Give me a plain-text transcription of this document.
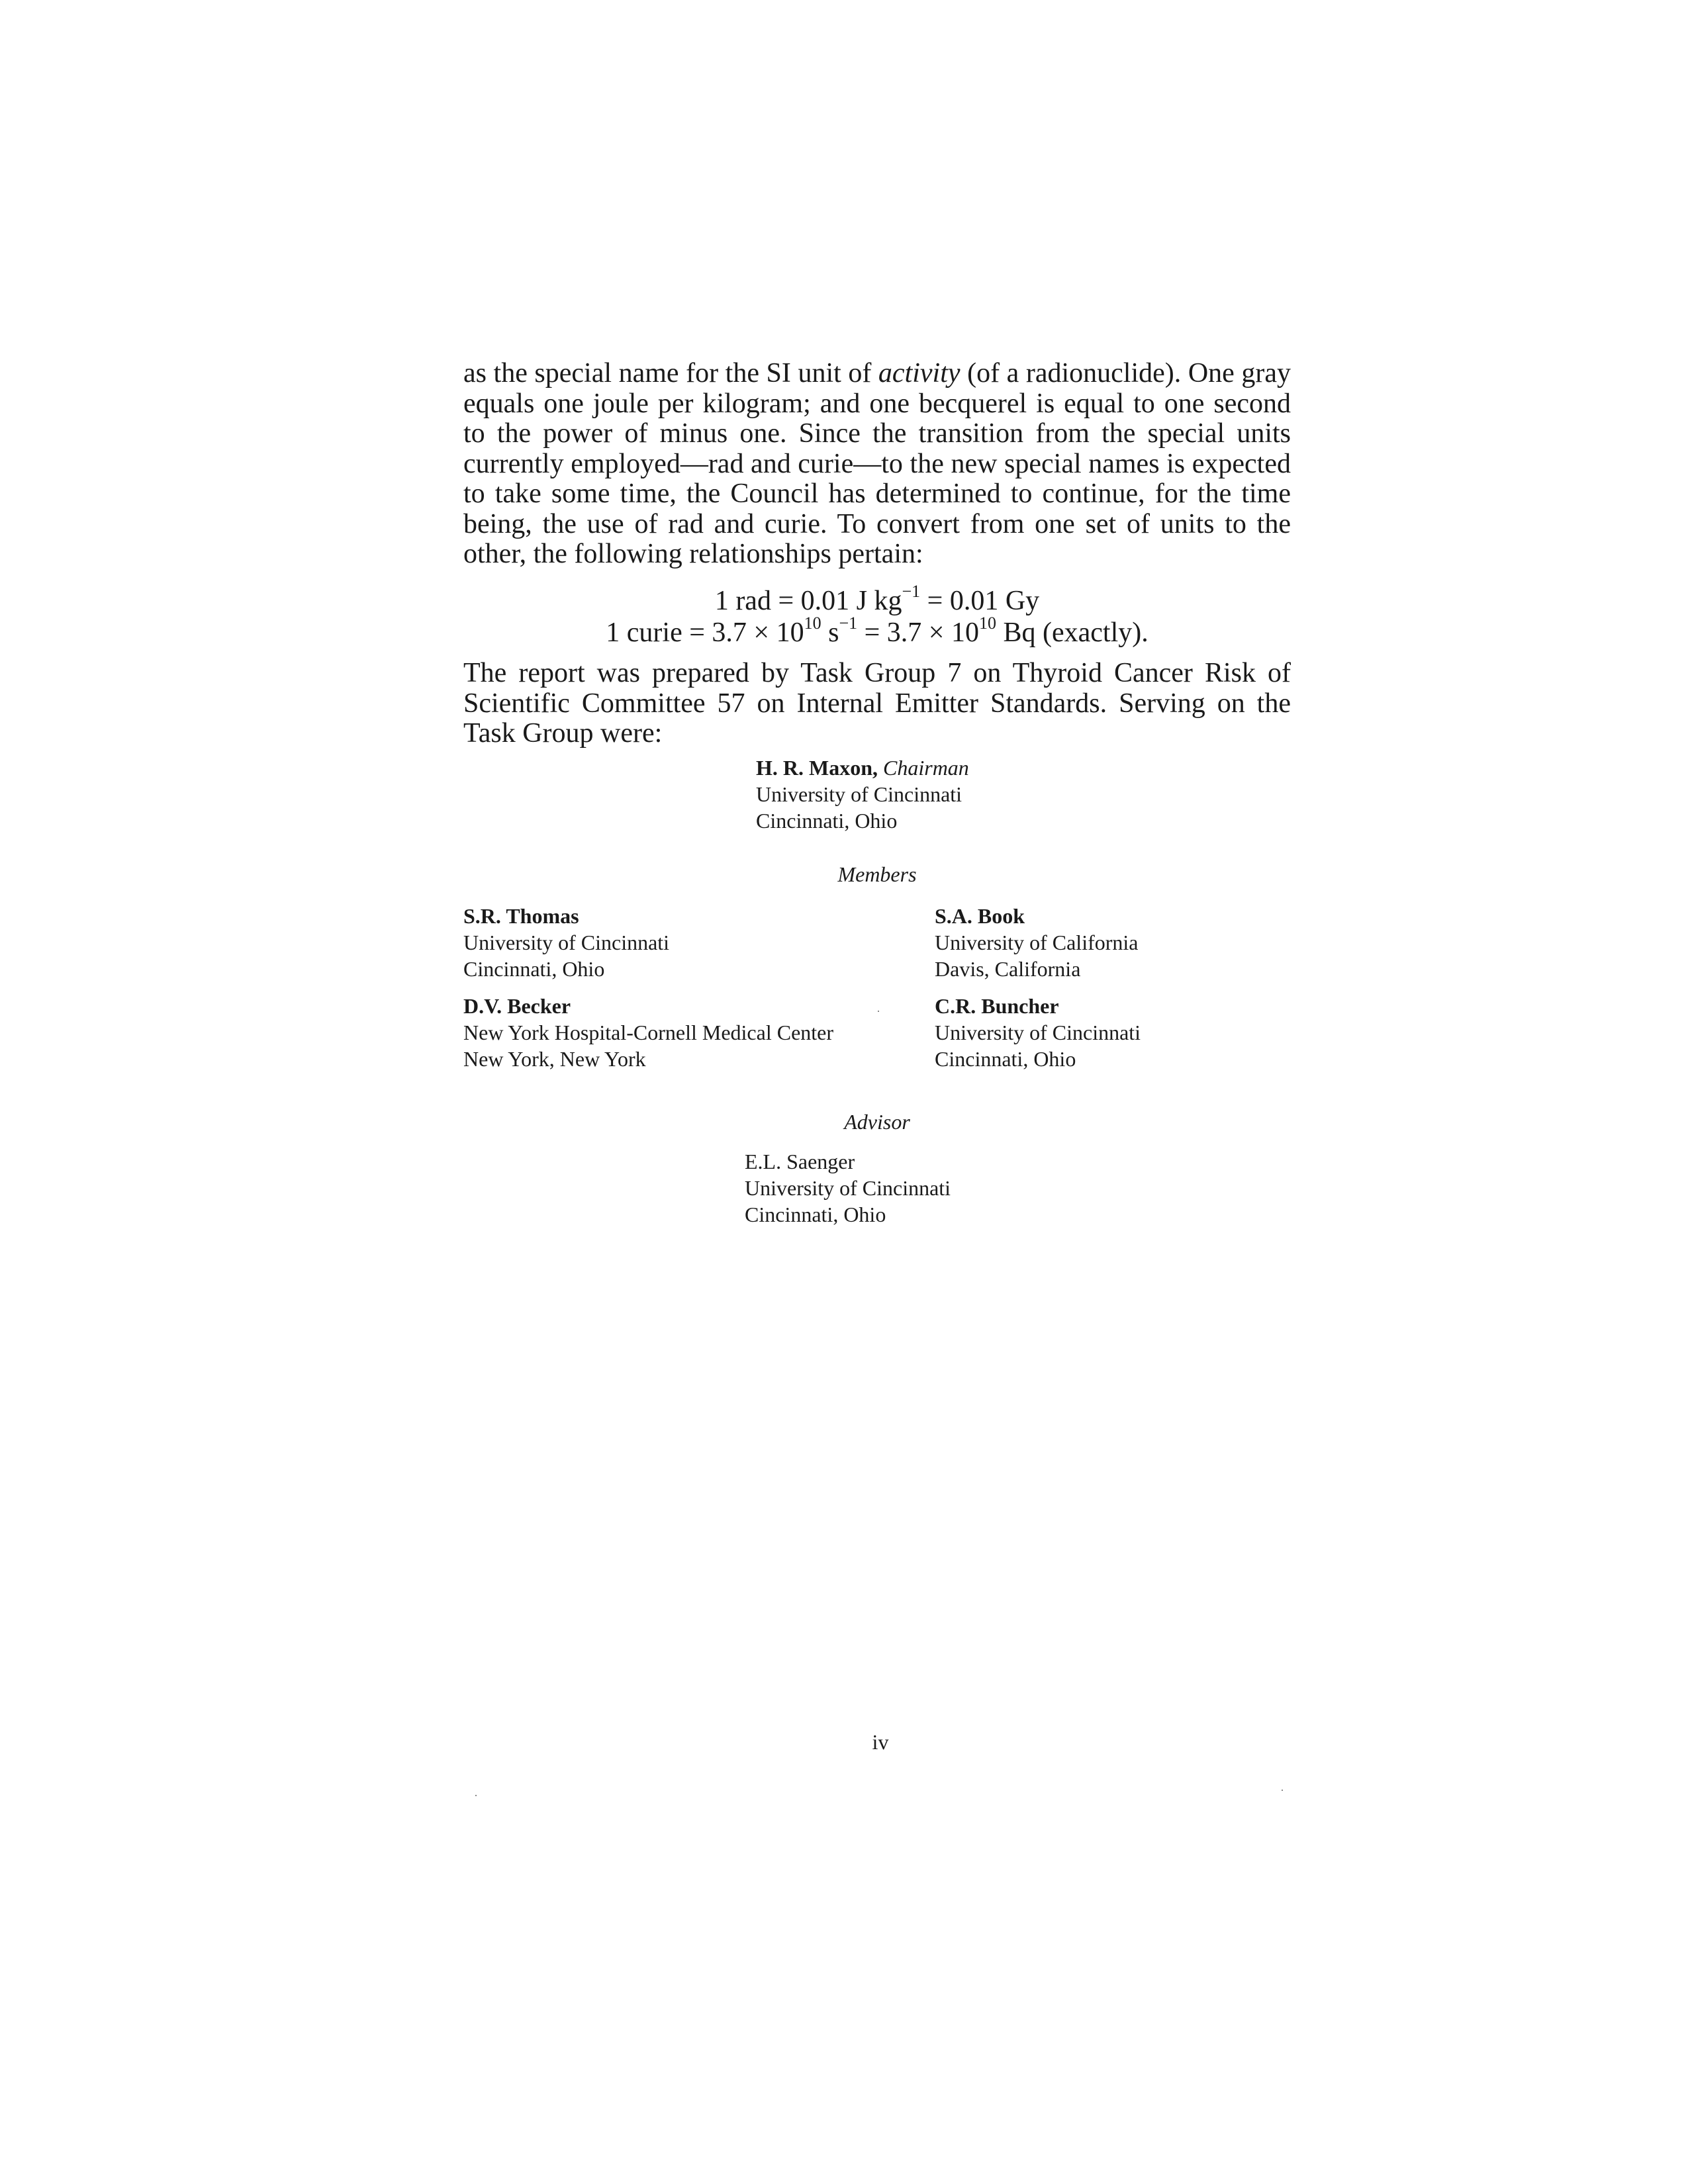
as the special name for the SI unit of activity (of a radionuclide). One gray equals one joule per kilogram; and one becquerel is equal to one second to the power of minus one. Since the transition from the special units currently employed—rad and curie—to the new special names is expected to take some time, the Council has determined to continue, for the time being, the use of rad and curie. To convert from one set of units to the other, the following relationships pertain:

1 rad = 0.01 J $kg^{-1} = 0.01$ Gy
1 curie = $3.7 \times 10^{10}$ $s^{-1} = 3.7 \times 10^{10}$ Bq (exactly).

The report was prepared by Task Group 7 on Thyroid Cancer Risk of Scientific Committee 57 on Internal Emitter Standards. Serving on the Task Group were:

H. R. Maxon, Chairman
University of Cincinnati
Cincinnati, Ohio
Members
S.R. Thomas
University of Cincinnati
Cincinnati, Ohio
S.A. Book
University of California
Davis, California
D.V. Becker
New York Hospital-Cornell Medical Center
New York, New York
C.R. Buncher
University of Cincinnati
Cincinnati, Ohio
Advisor
E.L. Saenger
University of Cincinnati
Cincinnati, Ohio
iv
